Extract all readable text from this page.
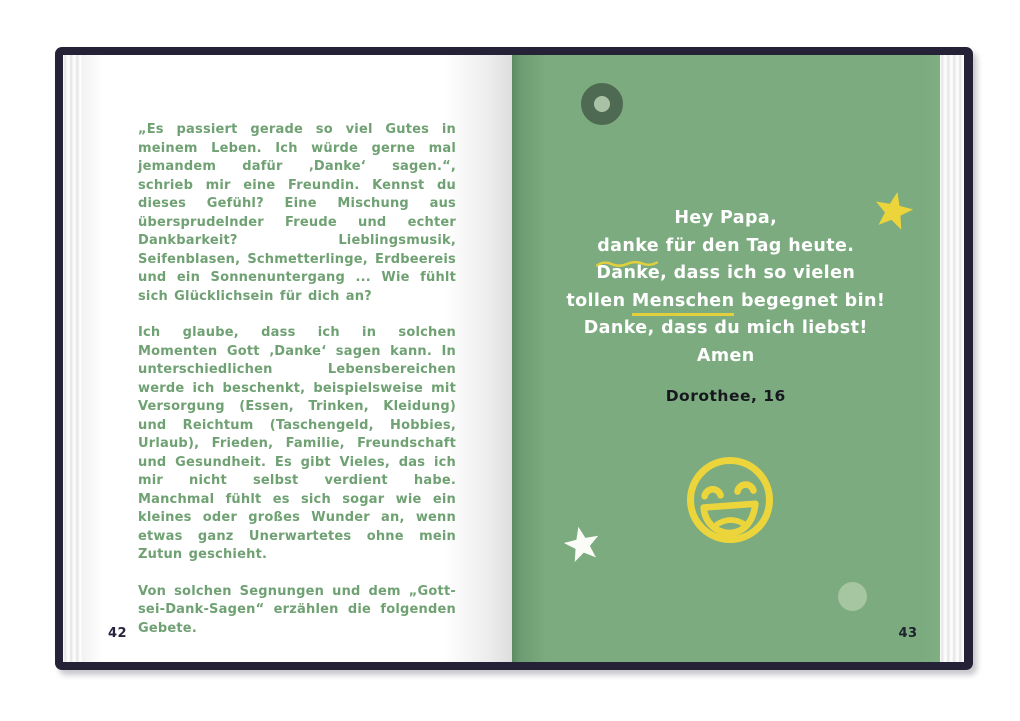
„Es passiert gerade so viel Gutes in meinem Leben. Ich würde gerne mal jemandem dafür ‚Danke‘ sagen.“, schrieb mir eine Freundin. Kennst du dieses Gefühl? Eine Mischung aus übersprudelnder Freude und echter Dankbarkeit? Lieblingsmusik, Seifenblasen, Schmetterlinge, Erdbeereis und ein Sonnenuntergang ... Wie fühlt sich Glücklichsein für dich an?

Ich glaube, dass ich in solchen Momenten Gott ‚Danke‘ sagen kann. In unterschiedlichen Lebensbereichen werde ich beschenkt, beispielsweise mit Versorgung (Essen, Trinken, Kleidung) und Reichtum (Taschengeld, Hobbies, Urlaub), Frieden, Familie, Freundschaft und Gesundheit. Es gibt Vieles, das ich mir nicht selbst verdient habe. Manchmal fühlt es sich sogar wie ein kleines oder großes Wunder an, wenn etwas ganz Unerwartetes ohne mein Zutun geschieht.

Von solchen Segnungen und dem „Gott-sei-Dank-Sagen“ erzählen die folgenden Gebete.

42
Hey Papa,
danke
für den Tag heute.
Danke, dass ich so vielen
tollen Menschen begegnet bin!
Danke, dass du mich liebst!
Amen
Dorothee, 16
43
